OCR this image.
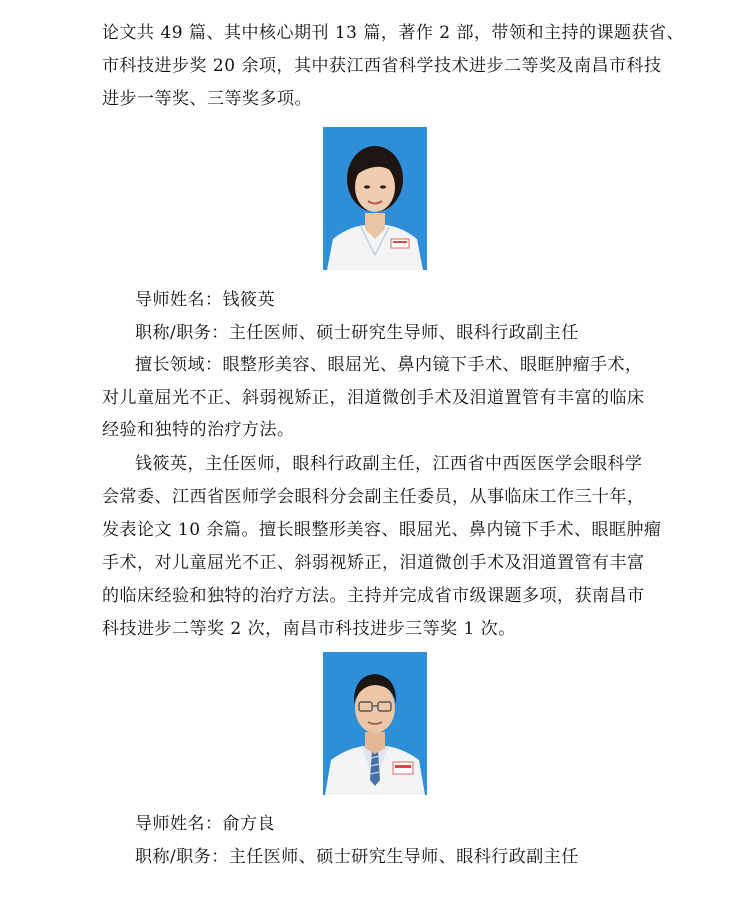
论文共 49 篇、其中核心期刊 13 篇，著作 2 部，带领和主持的课题获省、
市科技进步奖 20 余项，其中获江西省科学技术进步二等奖及南昌市科技
进步一等奖、三等奖多项。
导师姓名：钱筱英
职称/职务：主任医师、硕士研究生导师、眼科行政副主任
擅长领域：眼整形美容、眼屈光、鼻内镜下手术、眼眶肿瘤手术，
对儿童屈光不正、斜弱视矫正，泪道微创手术及泪道置管有丰富的临床
经验和独特的治疗方法。
钱筱英，主任医师，眼科行政副主任，江西省中西医医学会眼科学
会常委、江西省医师学会眼科分会副主任委员，从事临床工作三十年，
发表论文 10 余篇。擅长眼整形美容、眼屈光、鼻内镜下手术、眼眶肿瘤
手术，对儿童屈光不正、斜弱视矫正，泪道微创手术及泪道置管有丰富
的临床经验和独特的治疗方法。主持并完成省市级课题多项，获南昌市
科技进步二等奖 2 次，南昌市科技进步三等奖 1 次。
导师姓名：俞方良
职称/职务：主任医师、硕士研究生导师、眼科行政副主任
